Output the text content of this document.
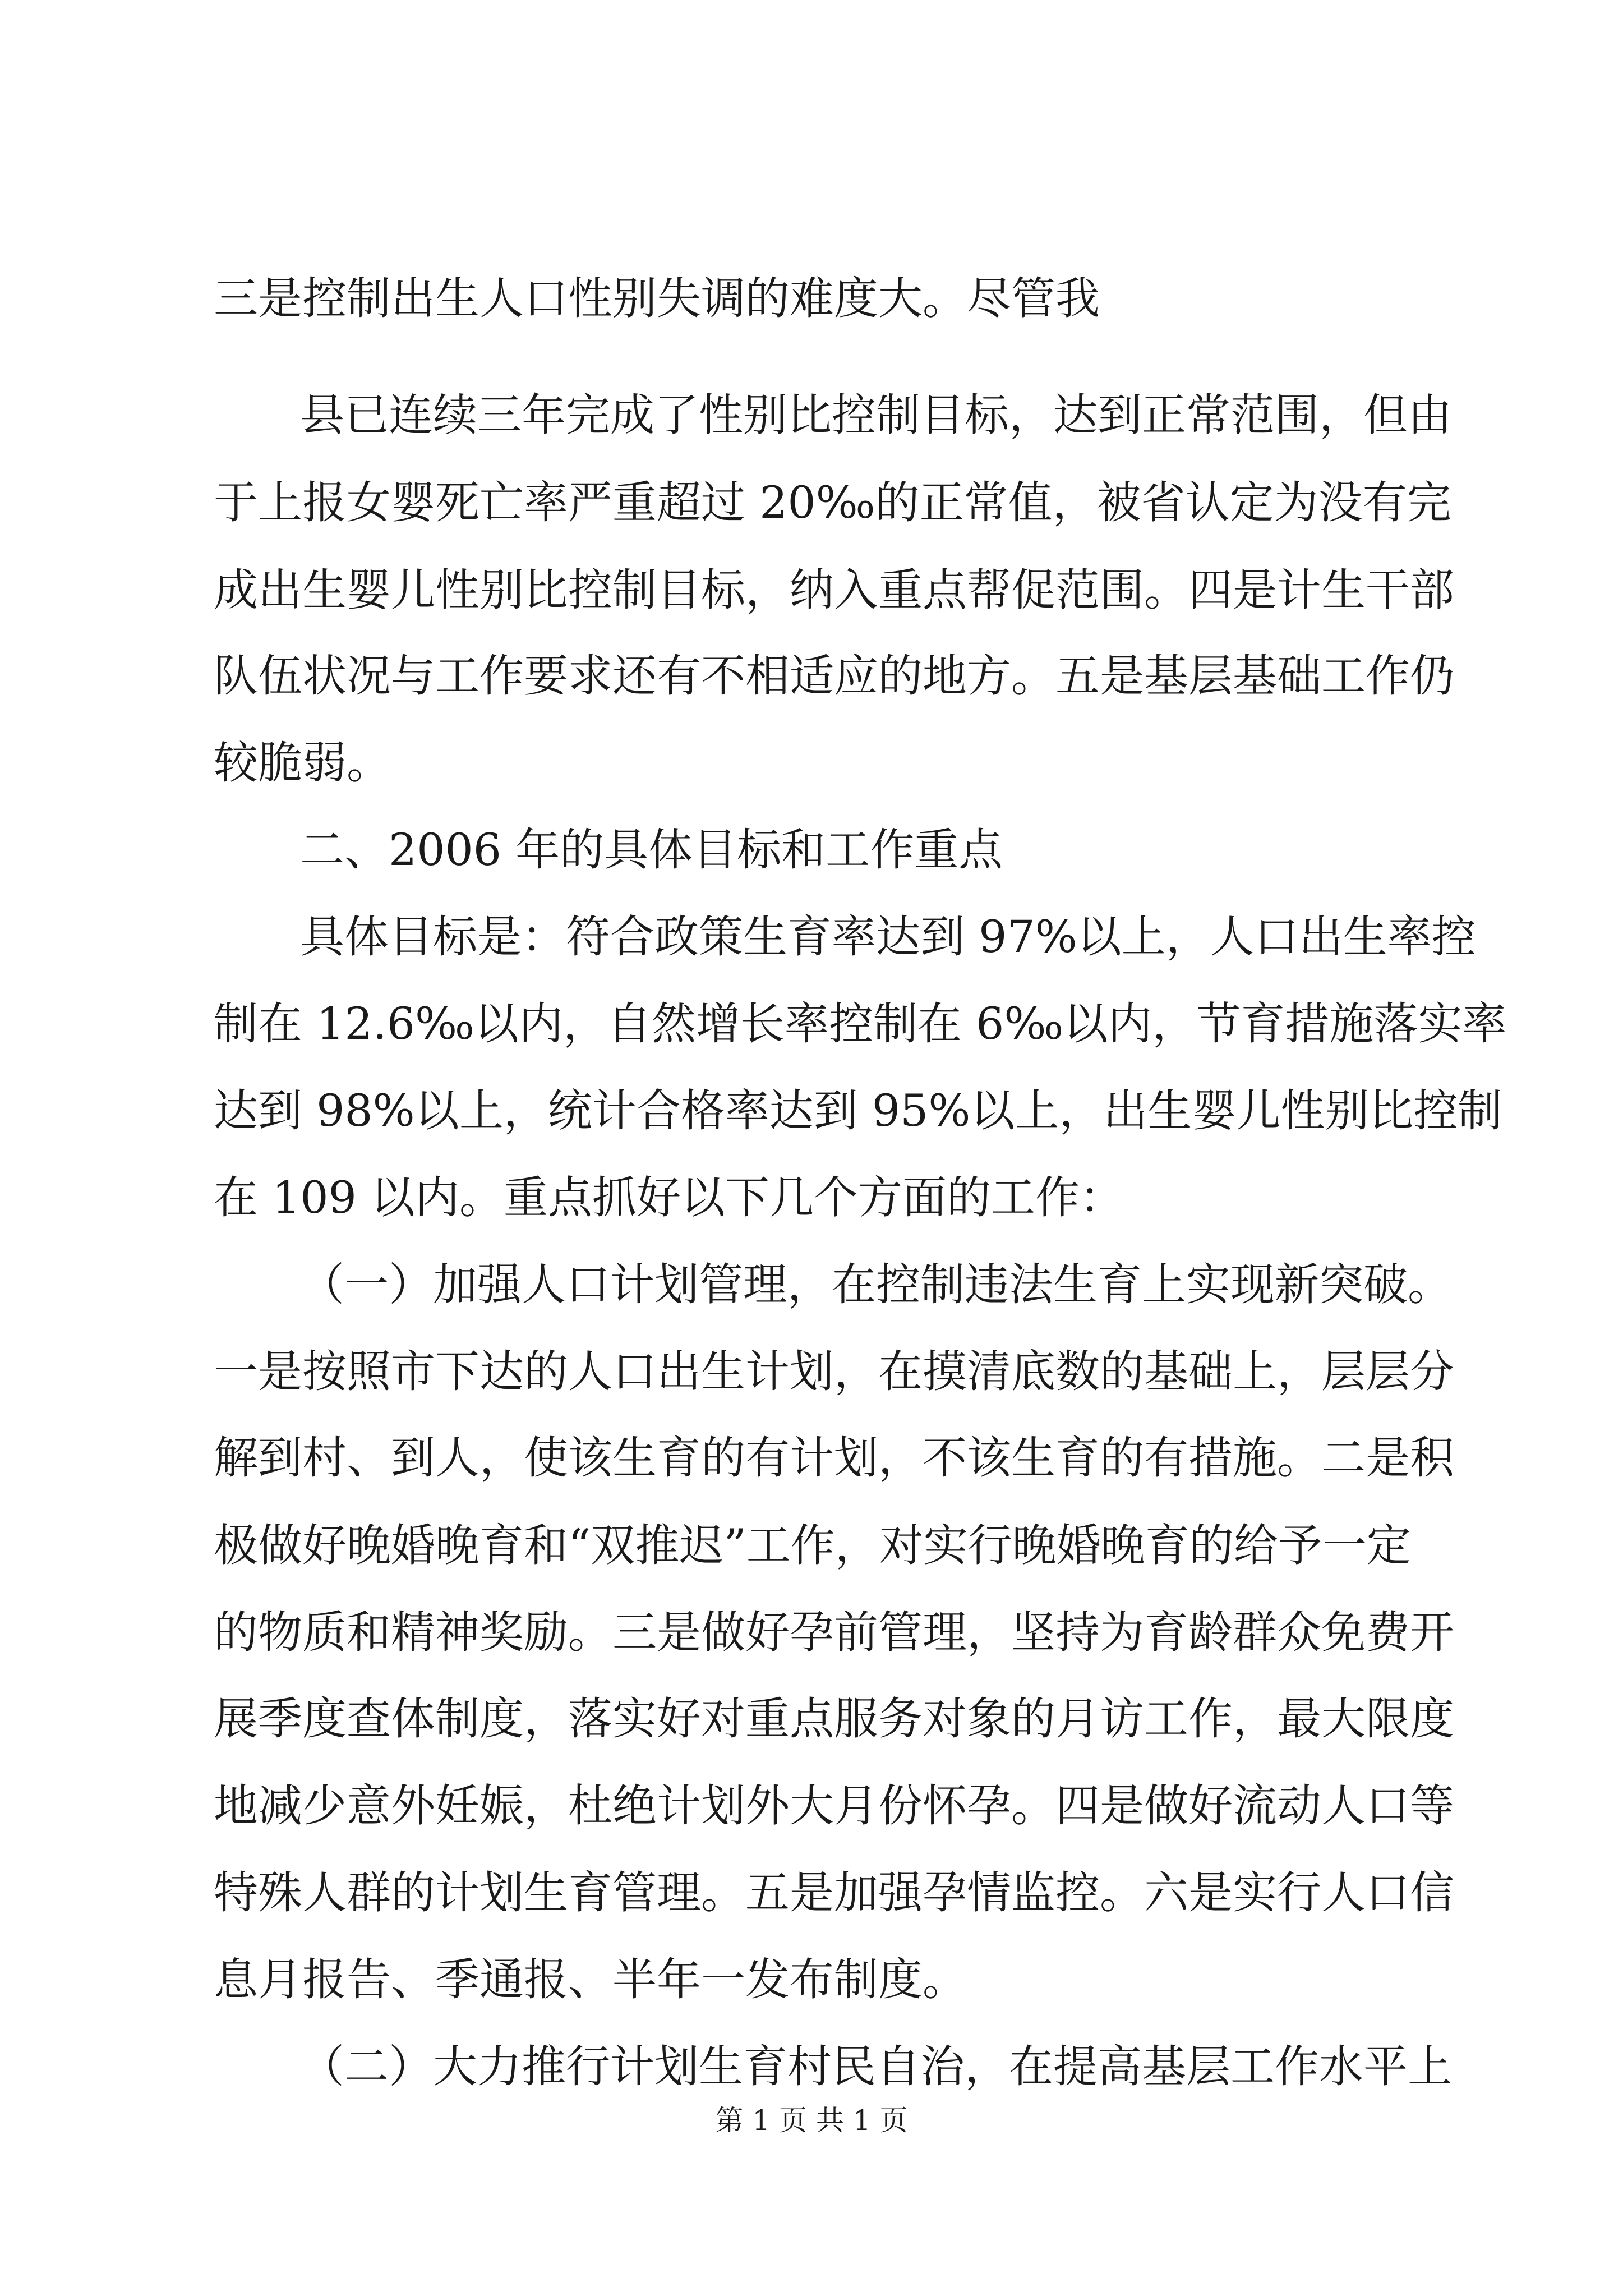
三是控制出生人口性别失调的难度大。尽管我
县已连续三年完成了性别比控制目标，达到正常范围，但由
于上报女婴死亡率严重超过 20‰的正常值，被省认定为没有完
成出生婴儿性别比控制目标，纳入重点帮促范围。四是计生干部
队伍状况与工作要求还有不相适应的地方。五是基层基础工作仍
较脆弱。
二、2006 年的具体目标和工作重点
具体目标是：符合政策生育率达到 97%以上，人口出生率控
制在 12.6‰以内，自然增长率控制在 6‰以内，节育措施落实率
达到 98%以上，统计合格率达到 95%以上，出生婴儿性别比控制
在 109 以内。重点抓好以下几个方面的工作：
（一）加强人口计划管理，在控制违法生育上实现新突破。
一是按照市下达的人口出生计划，在摸清底数的基础上，层层分
解到村、到人，使该生育的有计划，不该生育的有措施。二是积
极做好晚婚晚育和“双推迟”工作，对实行晚婚晚育的给予一定
的物质和精神奖励。三是做好孕前管理，坚持为育龄群众免费开
展季度查体制度，落实好对重点服务对象的月访工作，最大限度
地减少意外妊娠，杜绝计划外大月份怀孕。四是做好流动人口等
特殊人群的计划生育管理。五是加强孕情监控。六是实行人口信
息月报告、季通报、半年一发布制度。
（二）大力推行计划生育村民自治，在提高基层工作水平上
第 1 页 共 1 页
